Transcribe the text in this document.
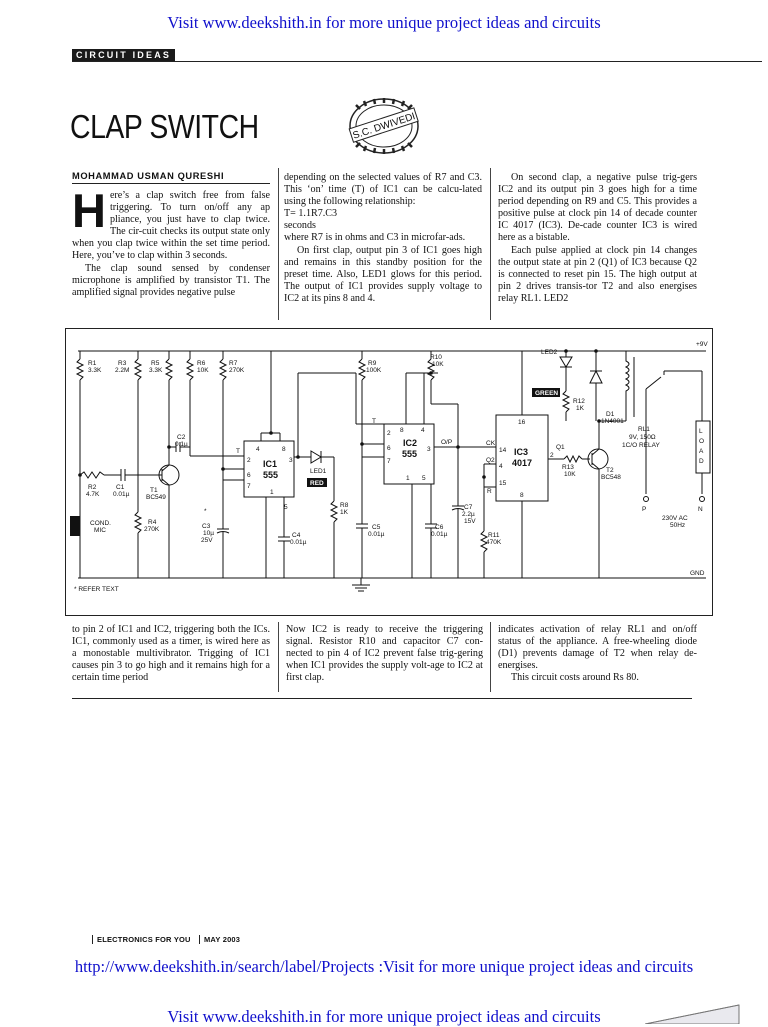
Visit www.deekshith.in for more unique project ideas and circuits
CIRCUIT IDEAS
CLAP SWITCH	S.C. DWIVEDI
MOHAMMAD USMAN QURESHI
H ere’s a clap switch free from false triggering. To turn on/off any ap pliance, you just have to clap twice. The cir-cuit checks its output state only when you clap twice within the set time period. Here, you’ve to clap within 3 seconds.

The clap sound sensed by condenser microphone is amplified by transistor T1. The amplified signal provides negative pulse

depending on the selected values of R7 and C3. This ‘on’ time (T) of IC1 can be calcu-lated using the following relationship:

T= 1.1R7.C3

seconds

where R7 is in ohms and C3 in microfar-ads.

On first clap, output pin 3 of IC1 goes high and remains in this standby position for the preset time. Also, LED1 glows for this period. The output of IC1 provides supply voltage to IC2 at its pins 8 and 4.

On second clap, a negative pulse trig-gers IC2 and its output pin 3 goes high for a time period depending on R9 and C5. This provides a positive pulse at clock pin 14 of decade counter IC 4017 (IC3). De-cade counter IC3 is wired here as a bistable.

Each pulse applied at clock pin 14 changes the output state at pin 2 (Q1) of IC3 because Q2 is connected to reset pin 15. The high output at pin 2 drives transis-tor T2 and also energises relay RL1. LED2

R1
3.3K
R3
2.2M
R5
3.3K
R6
10K
R7
270K
C2
0.1µ
R2
4.7K
C1
0.01µ
T1
BC549
COND.
MIC
R4
270K
*
C3
10µ
25V
C4
0.01µ
T
2
4	8
3
6
7
1
5
IC1
555	LED1
RED
R8
1K
R9
100K
R10
10K
T
2 8	4
6
7
3
1 5
IC2
555
O/P
C5
0.01µ
C6
0.01µ
C7
2.2µ
15V
R11
470K
CK
14
Q2
4
15
R
16
8
2
IC3
4017
LED2
GREEN
R12
1K
D1
1N4001
Q1
R13
10K
T2
BC548
RL1
9V, 150Ω
1C/O RELAY
L
O
A
D
+9V
GND
P	N
230V AC
50Hz
* REFER TEXT

to pin 2 of IC1 and IC2, triggering both the ICs. IC1, commonly used as a timer, is wired here as a monostable multivibrator. Trigging of IC1 causes pin 3 to go high and it remains high for a certain time period

Now IC2 is ready to receive the triggering signal. Resistor R10 and capacitor C7 con-nected to pin 4 of IC2 prevent false trig-gering when IC1 provides the supply volt-age to IC2 at first clap.

indicates activation of relay RL1 and on/off status of the appliance. A free-wheeling diode (D1) prevents damage of T2 when relay de-energises.

This circuit costs around Rs 80.

ELECTRONICS FOR YOU MAY 2003
http://www.deekshith.in/search/label/Projects :Visit for more unique project ideas and circuits
Visit www.deekshith.in for more unique project ideas and circuits
